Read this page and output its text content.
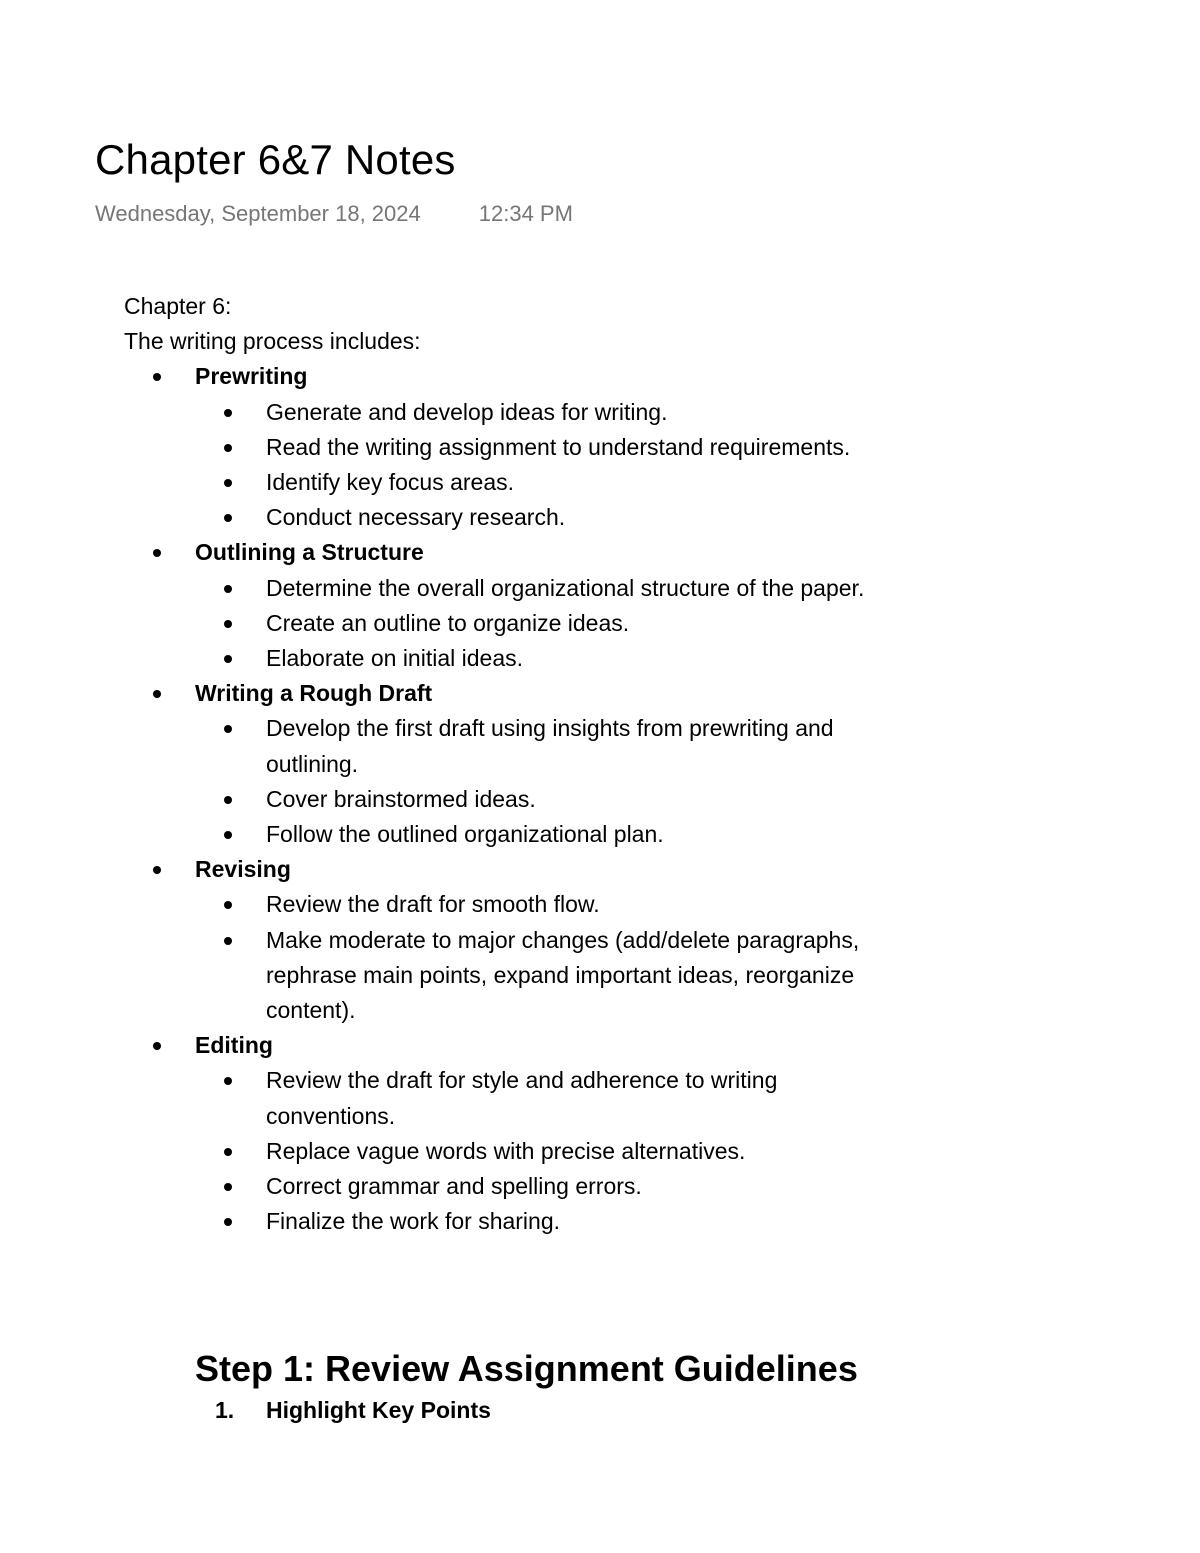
Chapter 6&7 Notes
Wednesday, September 18, 2024	12:34 PM

Chapter 6:

The writing process includes:

Prewriting
Generate and develop ideas for writing.
Read the writing assignment to understand requirements.
Identify key focus areas.
Conduct necessary research.
Outlining a Structure
Determine the overall organizational structure of the paper.
Create an outline to organize ideas.
Elaborate on initial ideas.
Writing a Rough Draft
Develop the first draft using insights from prewriting and outlining.
Cover brainstormed ideas.
Follow the outlined organizational plan.
Revising
Review the draft for smooth flow.
Make moderate to major changes (add/delete paragraphs, rephrase main points, expand important ideas, reorganize content).
Editing
Review the draft for style and adherence to writing conventions.
Replace vague words with precise alternatives.
Correct grammar and spelling errors.
Finalize the work for sharing.
Step 1: Review Assignment Guidelines
1. Highlight Key Points
